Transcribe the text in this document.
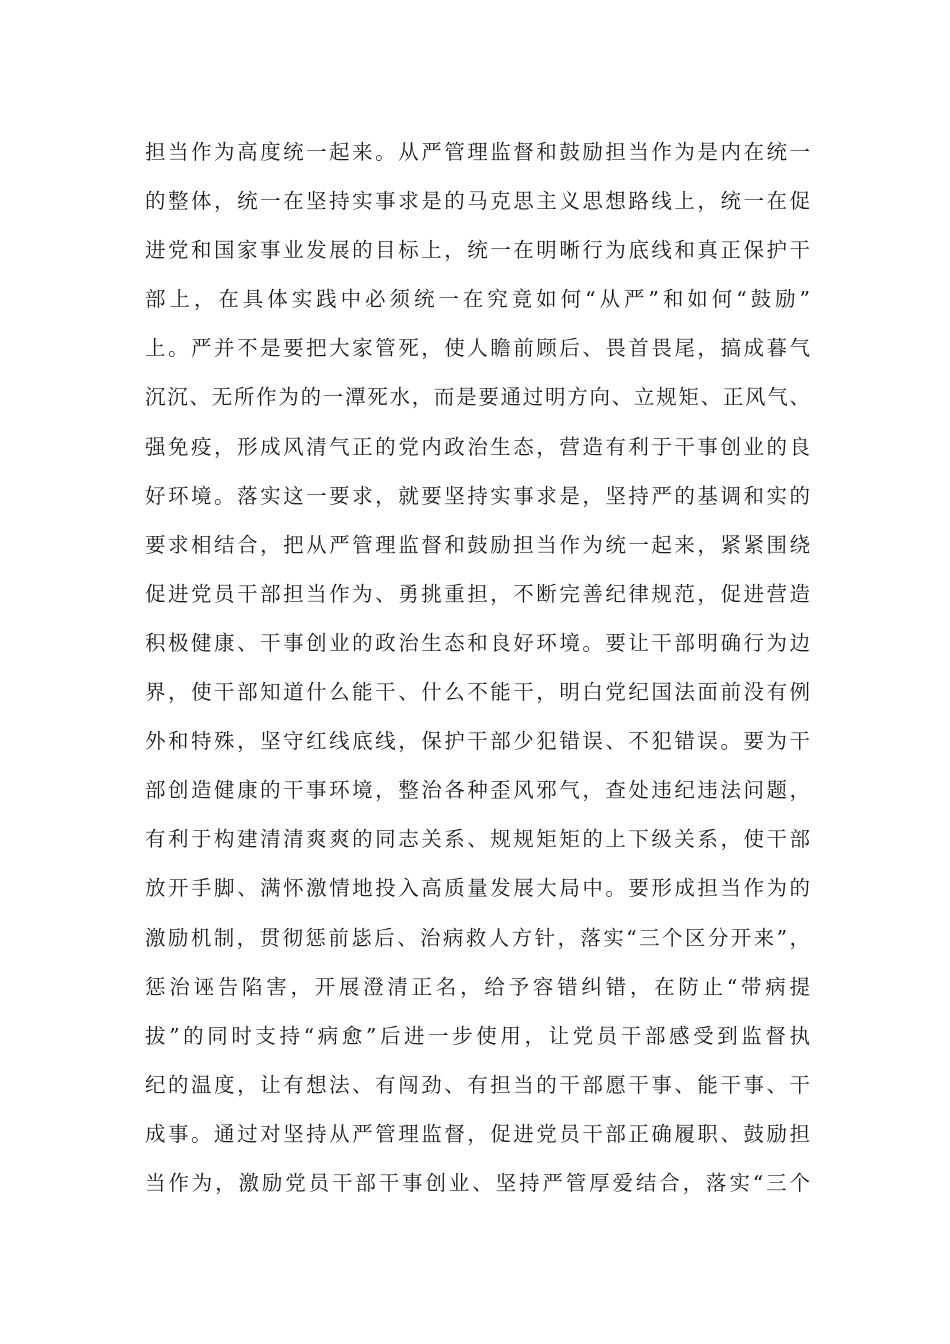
担当作为高度统一起来。从严管理监督和鼓励担当作为是内在统一
的整体，统一在坚持实事求是的马克思主义思想路线上，统一在促
进党和国家事业发展的目标上，统一在明晰行为底线和真正保护干
部上，在具体实践中必须统一在究竟如何“从严”和如何“鼓励”
上。严并不是要把大家管死，使人瞻前顾后、畏首畏尾，搞成暮气
沉沉、无所作为的一潭死水，而是要通过明方向、立规矩、正风气、
强免疫，形成风清气正的党内政治生态，营造有利于干事创业的良
好环境。落实这一要求，就要坚持实事求是，坚持严的基调和实的
要求相结合，把从严管理监督和鼓励担当作为统一起来，紧紧围绕
促进党员干部担当作为、勇挑重担，不断完善纪律规范，促进营造
积极健康、干事创业的政治生态和良好环境。要让干部明确行为边
界，使干部知道什么能干、什么不能干，明白党纪国法面前没有例
外和特殊，坚守红线底线，保护干部少犯错误、不犯错误。要为干
部创造健康的干事环境，整治各种歪风邪气，查处违纪违法问题，
有利于构建清清爽爽的同志关系、规规矩矩的上下级关系，使干部
放开手脚、满怀激情地投入高质量发展大局中。要形成担当作为的
激励机制，贯彻惩前毖后、治病救人方针，落实“三个区分开来”，
惩治诬告陷害，开展澄清正名，给予容错纠错，在防止“带病提
拔”的同时支持“病愈”后进一步使用，让党员干部感受到监督执
纪的温度，让有想法、有闯劲、有担当的干部愿干事、能干事、干
成事。通过对坚持从严管理监督，促进党员干部正确履职、鼓励担
当作为，激励党员干部干事创业、坚持严管厚爱结合，落实“三个
